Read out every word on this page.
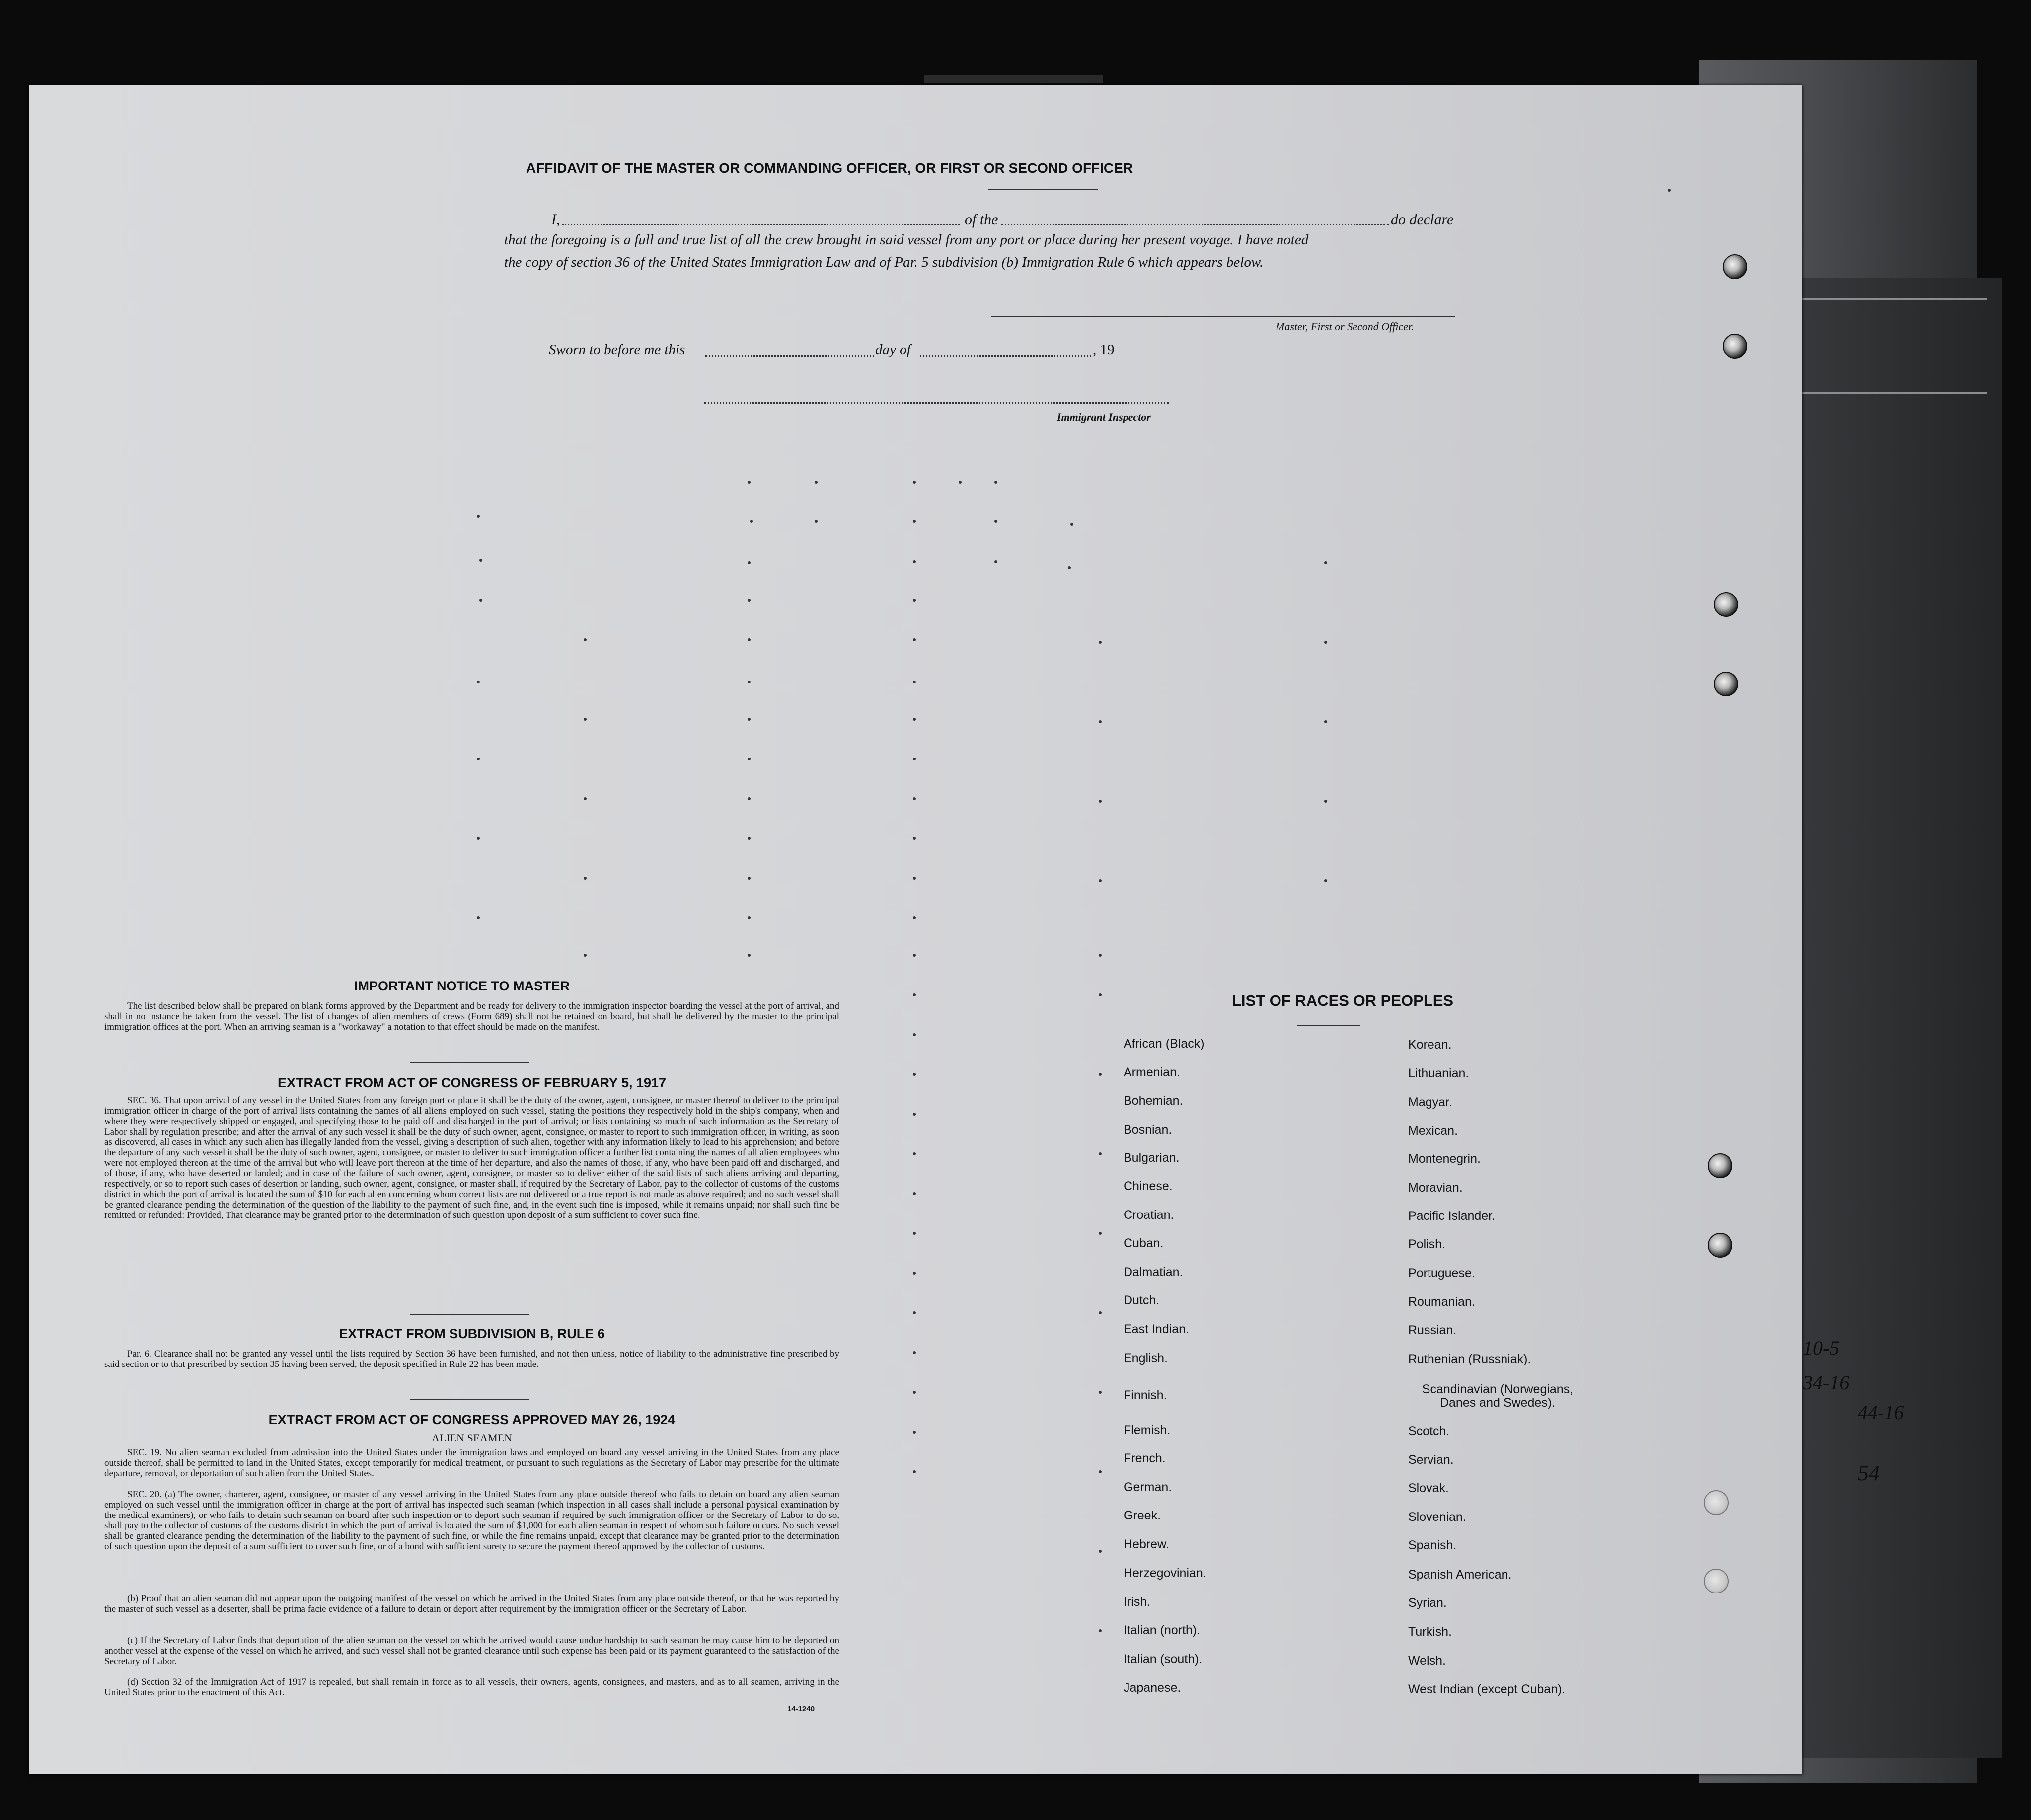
10-5
34-16
44-16
54
AFFIDAVIT OF THE MASTER OR COMMANDING OFFICER, OR FIRST OR SECOND OFFICER
I,	of the	do declare
that the foregoing is a full and true list of all the crew brought in said vessel from any port or place during her present voyage. I have noted
the copy of section 36 of the United States Immigration Law and of Par. 5 subdivision (b) Immigration Rule 6 which appears below.
Master, First or Second Officer.
Sworn to before me this	day of	, 19
Immigrant Inspector
IMPORTANT NOTICE TO MASTER
The list described below shall be prepared on blank forms approved by the Department and be ready for delivery to the immigration inspector boarding the vessel at the port of arrival, and shall in no instance be taken from the vessel. The list of changes of alien members of crews (Form 689) shall not be retained on board, but shall be delivered by the master to the principal immigration offices at the port. When an arriving seaman is a "workaway" a notation to that effect should be made on the manifest.
EXTRACT FROM ACT OF CONGRESS OF FEBRUARY 5, 1917
SEC. 36. That upon arrival of any vessel in the United States from any foreign port or place it shall be the duty of the owner, agent, consignee, or master thereof to deliver to the principal immigration officer in charge of the port of arrival lists containing the names of all aliens employed on such vessel, stating the positions they respectively hold in the ship's company, when and where they were respectively shipped or engaged, and specifying those to be paid off and discharged in the port of arrival; or lists containing so much of such information as the Secretary of Labor shall by regulation prescribe; and after the arrival of any such vessel it shall be the duty of such owner, agent, consignee, or master to report to such immigration officer, in writing, as soon as discovered, all cases in which any such alien has illegally landed from the vessel, giving a description of such alien, together with any information likely to lead to his apprehension; and before the departure of any such vessel it shall be the duty of such owner, agent, consignee, or master to deliver to such immigration officer a further list containing the names of all alien employees who were not employed thereon at the time of the arrival but who will leave port thereon at the time of her departure, and also the names of those, if any, who have been paid off and discharged, and of those, if any, who have deserted or landed; and in case of the failure of such owner, agent, consignee, or master so to deliver either of the said lists of such aliens arriving and departing, respectively, or so to report such cases of desertion or landing, such owner, agent, consignee, or master shall, if required by the Secretary of Labor, pay to the collector of customs of the customs district in which the port of arrival is located the sum of $10 for each alien concerning whom correct lists are not delivered or a true report is not made as above required; and no such vessel shall be granted clearance pending the determination of the question of the liability to the payment of such fine, and, in the event such fine is imposed, while it remains unpaid; nor shall such fine be remitted or refunded: Provided, That clearance may be granted prior to the determination of such question upon deposit of a sum sufficient to cover such fine.
EXTRACT FROM SUBDIVISION B, RULE 6
Par. 6. Clearance shall not be granted any vessel until the lists required by Section 36 have been furnished, and not then unless, notice of liability to the administrative fine prescribed by said section or to that prescribed by section 35 having been served, the deposit specified in Rule 22 has been made.
EXTRACT FROM ACT OF CONGRESS APPROVED MAY 26, 1924
ALIEN SEAMEN
SEC. 19. No alien seaman excluded from admission into the United States under the immigration laws and employed on board any vessel arriving in the United States from any place outside thereof, shall be permitted to land in the United States, except temporarily for medical treatment, or pursuant to such regulations as the Secretary of Labor may prescribe for the ultimate departure, removal, or deportation of such alien from the United States.
SEC. 20. (a) The owner, charterer, agent, consignee, or master of any vessel arriving in the United States from any place outside thereof who fails to detain on board any alien seaman employed on such vessel until the immigration officer in charge at the port of arrival has inspected such seaman (which inspection in all cases shall include a personal physical examination by the medical examiners), or who fails to detain such seaman on board after such inspection or to deport such seaman if required by such immigration officer or the Secretary of Labor to do so, shall pay to the collector of customs of the customs district in which the port of arrival is located the sum of $1,000 for each alien seaman in respect of whom such failure occurs. No such vessel shall be granted clearance pending the determination of the liability to the payment of such fine, or while the fine remains unpaid, except that clearance may be granted prior to the determination of such question upon the deposit of a sum sufficient to cover such fine, or of a bond with sufficient surety to secure the payment thereof approved by the collector of customs.
(b) Proof that an alien seaman did not appear upon the outgoing manifest of the vessel on which he arrived in the United States from any place outside thereof, or that he was reported by the master of such vessel as a deserter, shall be prima facie evidence of a failure to detain or deport after requirement by the immigration officer or the Secretary of Labor.
(c) If the Secretary of Labor finds that deportation of the alien seaman on the vessel on which he arrived would cause undue hardship to such seaman he may cause him to be deported on another vessel at the expense of the vessel on which he arrived, and such vessel shall not be granted clearance until such expense has been paid or its payment guaranteed to the satisfaction of the Secretary of Labor.
(d) Section 32 of the Immigration Act of 1917 is repealed, but shall remain in force as to all vessels, their owners, agents, consignees, and masters, and as to all seamen, arriving in the United States prior to the enactment of this Act.
14-1240
LIST OF RACES OR PEOPLES
African (Black)
Armenian.
Bohemian.
Bosnian.
Bulgarian.
Chinese.
Croatian.
Cuban.
Dalmatian.
Dutch.
East Indian.
English.
Finnish.
Flemish.
French.
German.
Greek.
Hebrew.
Herzegovinian.
Irish.
Italian (north).
Italian (south).
Japanese.
Korean.
Lithuanian.
Magyar.
Mexican.
Montenegrin.
Moravian.
Pacific Islander.
Polish.
Portuguese.
Roumanian.
Russian.
Ruthenian (Russniak).
Scandinavian (Norwegians, Danes and Swedes).
Scotch.
Servian.
Slovak.
Slovenian.
Spanish.
Spanish American.
Syrian.
Turkish.
Welsh.
West Indian (except Cuban).
